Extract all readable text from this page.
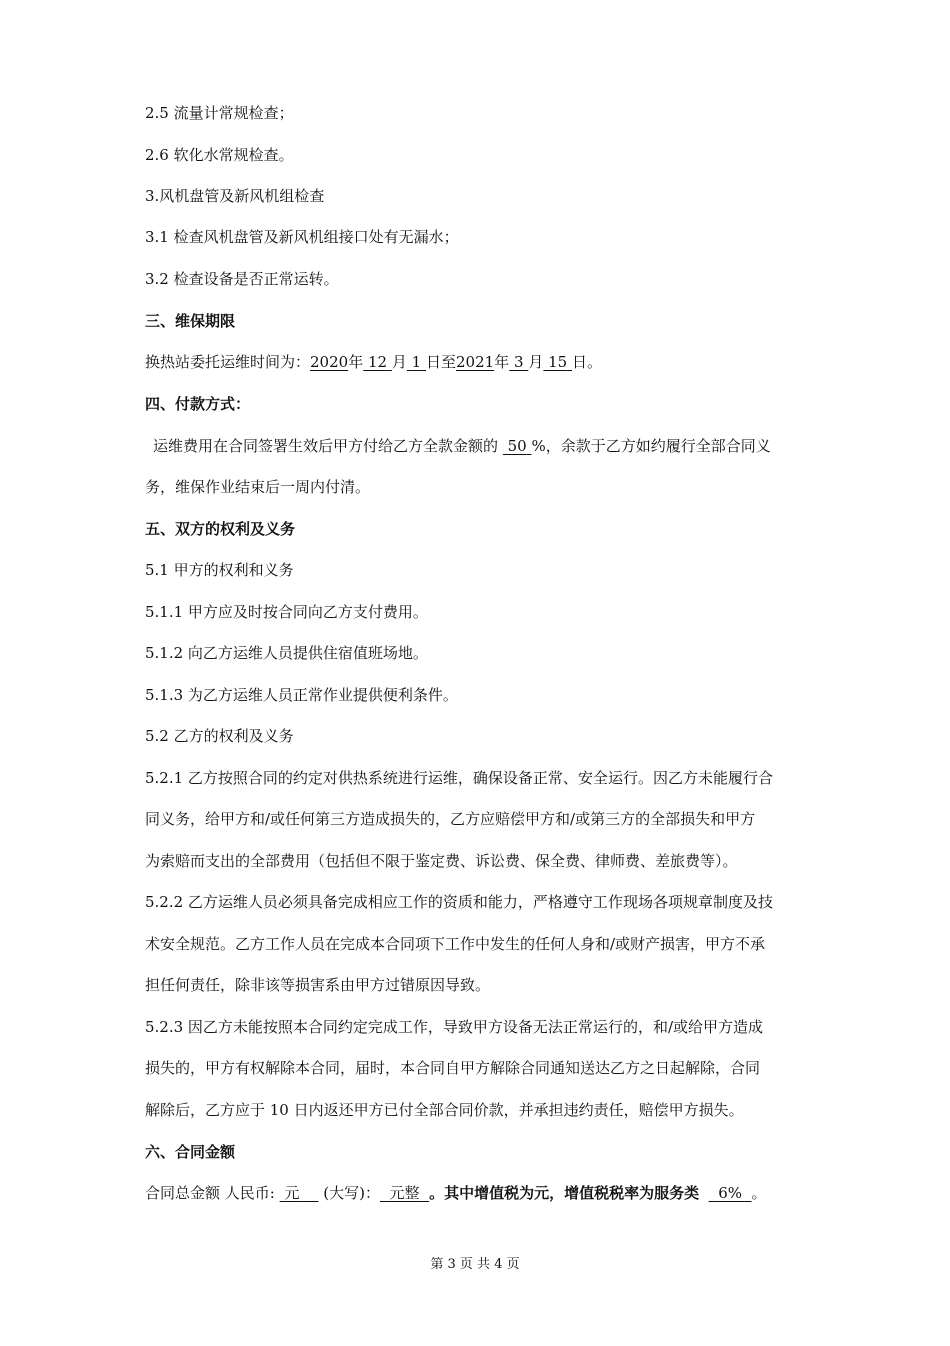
2.5 流量计常规检查；
2.6 软化水常规检查。
3.风机盘管及新风机组检查
3.1 检查风机盘管及新风机组接口处有无漏水；
3.2 检查设备是否正常运转。
三、维保期限
换热站委托运维时间为：2020年 12 月 1 日至2021年 3 月 15 日。
四、付款方式：
运维费用在合同签署生效后甲方付给乙方全款金额的 50 %，余款于乙方如约履行全部合同义
务，维保作业结束后一周内付清。
五、双方的权利及义务
5.1 甲方的权利和义务
5.1.1 甲方应及时按合同向乙方支付费用。
5.1.2 向乙方运维人员提供住宿值班场地。
5.1.3 为乙方运维人员正常作业提供便利条件。
5.2 乙方的权利及义务
5.2.1 乙方按照合同的约定对供热系统进行运维，确保设备正常、安全运行。因乙方未能履行合
同义务，给甲方和/或任何第三方造成损失的，乙方应赔偿甲方和/或第三方的全部损失和甲方
为索赔而支出的全部费用（包括但不限于鉴定费、诉讼费、保全费、律师费、差旅费等）。
5.2.2 乙方运维人员必须具备完成相应工作的资质和能力，严格遵守工作现场各项规章制度及技
术安全规范。乙方工作人员在完成本合同项下工作中发生的任何人身和/或财产损害，甲方不承
担任何责任，除非该等损害系由甲方过错原因导致。
5.2.3 因乙方未能按照本合同约定完成工作，导致甲方设备无法正常运行的，和/或给甲方造成
损失的，甲方有权解除本合同，届时，本合同自甲方解除合同通知送达乙方之日起解除，合同
解除后，乙方应于 10 日内返还甲方已付全部合同价款，并承担违约责任，赔偿甲方损失。
六、合同金额
合同总金额 人民币: 元 (大写)： 元整 。其中增值税为元，增值税税率为服务类 6% 。
第 3 页 共 4 页
